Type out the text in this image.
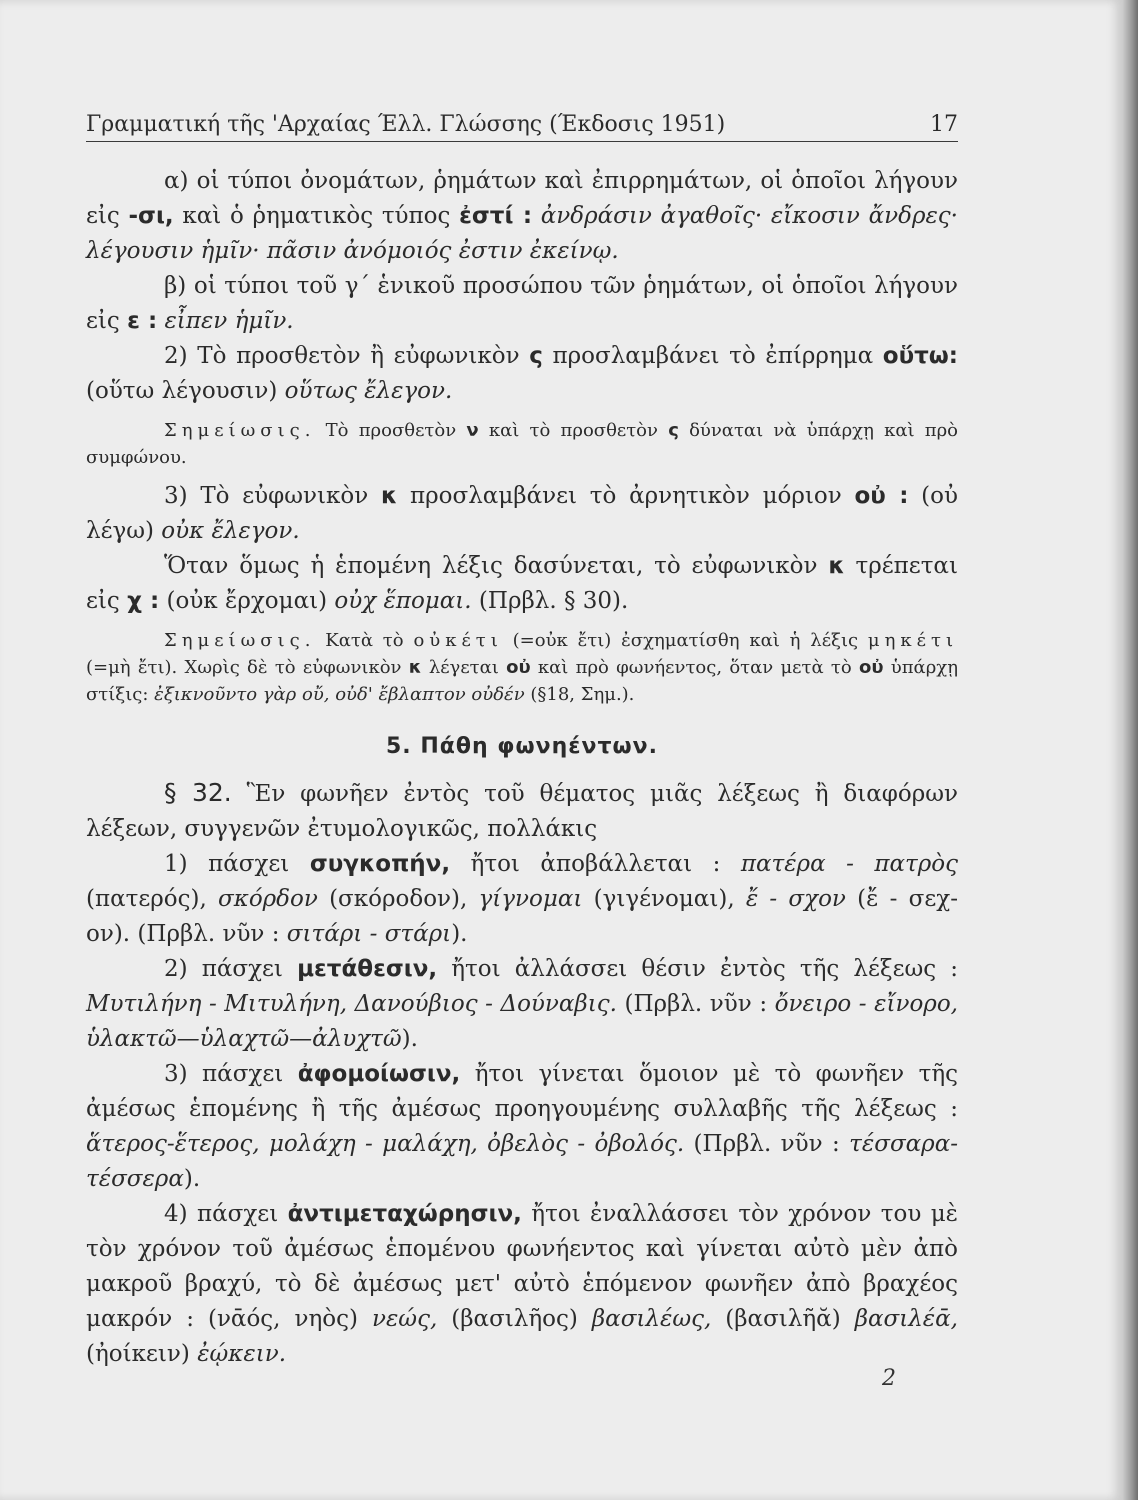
Γραμματική τῆς 'Αρχαίας Έλλ. Γλώσσης (Έκδοσις 1951)	17

α) οἱ τύποι ὀνομάτων, ῥημάτων καὶ ἐπιρρημάτων, οἱ ὁποῖοι λήγουν εἰς -σι, καὶ ὁ ῥηματικὸς τύπος ἐστί : ἀνδράσιν ἀγαθοῖς· εἴκοσιν ἄνδρες· λέγουσιν ἡμῖν· πᾶσιν ἀνόμοιός ἐστιν ἐκείνῳ.

β) οἱ τύποι τοῦ γ΄ ἑνικοῦ προσώπου τῶν ῥημάτων, οἱ ὁποῖοι λήγουν εἰς ε : εἶπεν ἡμῖν.

2) Τὸ προσθετὸν ἢ εὐφωνικὸν ς προσλαμβάνει τὸ ἐπίρρημα οὕτω: (οὕτω λέγουσιν) οὕτως ἔλεγον.

Σημείωσις. Τὸ προσθετὸν ν καὶ τὸ προσθετὸν ς δύναται νὰ ὑπάρχῃ καὶ πρὸ συμφώνου.

3) Τὸ εὐφωνικὸν κ προσλαμβάνει τὸ ἀρνητικὸν μόριον οὐ : (οὐ λέγω) οὐκ ἔλεγον.

Ὅταν ὅμως ἡ ἑπομένη λέξις δασύνεται, τὸ εὐφωνικὸν κ τρέπεται εἰς χ : (οὐκ ἔρχομαι) οὐχ ἕπομαι. (Πρβλ. § 30).

Σημείωσις. Κατὰ τὸ οὐκέτι (=οὐκ ἔτι) ἐσχηματίσθη καὶ ἡ λέξις μηκέτι (=μὴ ἔτι). Χωρὶς δὲ τὸ εὐφωνικὸν κ λέγεται οὐ καὶ πρὸ φωνήεντος, ὅταν μετὰ τὸ οὐ ὑπάρχῃ στίξις: ἐξικνοῦντο γὰρ οὔ, οὐδ' ἔβλαπτον οὐδέν (§18, Σημ.).

5. Πάθη φωνηέντων.

§ 32. Ἓν φωνῆεν ἐντὸς τοῦ θέματος μιᾶς λέξεως ἢ διαφόρων λέξεων, συγγενῶν ἐτυμολογικῶς, πολλάκις

1) πάσχει συγκοπήν, ἤτοι ἀποβάλλεται : πατέρα - πατρὸς (πατερός), σκόρδον (σκόροδον), γίγνομαι (γιγένομαι), ἔ - σχον (ἔ - σεχ-ον). (Πρβλ. νῦν : σιτάρι - στάρι).

2) πάσχει μετάθεσιν, ἤτοι ἀλλάσσει θέσιν ἐντὸς τῆς λέξεως : Μυτιλήνη - Μιτυλήνη, Δανούβιος - Δούναβις. (Πρβλ. νῦν : ὄνειρο - εἴνορο, ὑλακτῶ—ὑλαχτῶ—ἀλυχτῶ).

3) πάσχει ἀφομοίωσιν, ἤτοι γίνεται ὅμοιον μὲ τὸ φωνῆεν τῆς ἀμέσως ἑπομένης ἢ τῆς ἀμέσως προηγουμένης συλλαβῆς τῆς λέξεως : ἅτερος-ἕτερος, μολάχη - μαλάχη, ὀβελὸς - ὀβολός. (Πρβλ. νῦν : τέσσαρα-τέσσερα).

4) πάσχει ἀντιμεταχώρησιν, ἤτοι ἐναλλάσσει τὸν χρόνον του μὲ τὸν χρόνον τοῦ ἀμέσως ἑπομένου φωνήεντος καὶ γίνεται αὐτὸ μὲν ἀπὸ μακροῦ βραχύ, τὸ δὲ ἀμέσως μετ' αὐτὸ ἑπόμενον φωνῆεν ἀπὸ βραχέος μακρόν : (νᾱός, νηὸς) νεώς, (βασιλῆος) βασιλέως, (βασιλῆᾰ) βασιλέᾱ, (ἠοίκειν) ἐῴκειν.

2
